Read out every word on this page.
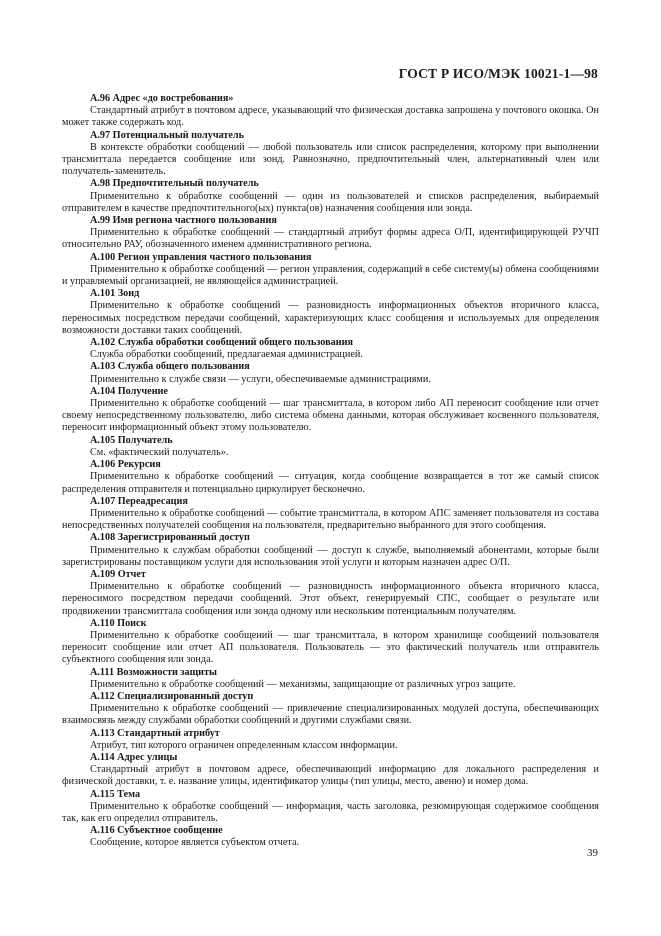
ГОСТ Р ИСО/МЭК 10021-1—98
А.96 Адрес «до востребования»

Стандартный атрибут в почтовом адресе, указывающий что физическая доставка запрошена у почтового окошка. Он может также содержать код.

А.97 Потенциальный получатель

В контексте обработки сообщений — любой пользователь или список распределения, которому при выполнении трансмиттала передается сообщение или зонд. Равнозначно, предпочтительный член, альтернативный член или получатель-заменитель.

А.98 Предпочтительный получатель

Применительно к обработке сообщений — один из пользователей и списков распределения, выбираемый отправителем в качестве предпочтительного(ых) пункта(ов) назначения сообщения или зонда.

А.99 Имя региона частного пользования

Применительно к обработке сообщений — стандартный атрибут формы адреса О/П, идентифицирующей РУЧП относительно РАУ, обозначенного именем административного региона.

А.100 Регион управления частного пользования

Применительно к обработке сообщений — регион управления, содержащий в себе систему(ы) обмена сообщениями и управляемый организацией, не являющейся администрацией.

А.101 Зонд

Применительно к обработке сообщений — разновидность информационных объектов вторичного класса, переносимых посредством передачи сообщений, характеризующих класс сообщения и используемых для определения возможности доставки таких сообщений.

А.102 Служба обработки сообщений общего пользования

Служба обработки сообщений, предлагаемая администрацией.

А.103 Служба общего пользования

Применительно к службе связи — услуги, обеспечиваемые администрациями.

А.104 Получение

Применительно к обработке сообщений — шаг трансмиттала, в котором либо АП переносит сообщение или отчет своему непосредственному пользователю, либо система обмена данными, которая обслуживает косвенного пользователя, переносит информационный объект этому пользователю.

А.105 Получатель

См. «фактический получатель».

А.106 Рекурсия

Применительно к обработке сообщений — ситуация, когда сообщение возвращается в тот же самый список распределения отправителя и потенциально циркулирует бесконечно.

А.107 Переадресация

Применительно к обработке сообщений — событие трансмиттала, в котором АПС заменяет пользователя из состава непосредственных получателей сообщения на пользователя, предварительно выбранного для этого сообщения.

А.108 Зарегистрированный доступ

Применительно к службам обработки сообщений — доступ к службе, выполняемый абонентами, которые были зарегистрированы поставщиком услуги для использования этой услуги и которым назначен адрес О/П.

А.109 Отчет

Применительно к обработке сообщений — разновидность информационного объекта вторичного класса, переносимого посредством передачи сообщений. Этот объект, генерируемый СПС, сообщает о результате или продвижении трансмиттала сообщения или зонда одному или нескольким потенциальным получателям.

А.110 Поиск

Применительно к обработке сообщений — шаг трансмиттала, в котором хранилище сообщений пользователя переносит сообщение или отчет АП пользователя. Пользователь — это фактический получатель или отправитель субъектного сообщения или зонда.

А.111 Возможности защиты

Применительно к обработке сообщений — механизмы, защищающие от различных угроз защите.

А.112 Специализированный доступ

Применительно к обработке сообщений — привлечение специализированных модулей доступа, обеспечивающих взаимосвязь между службами обработки сообщений и другими службами связи.

А.113 Стандартный атрибут

Атрибут, тип которого ограничен определенным классом информации.

А.114 Адрес улицы

Стандартный атрибут в почтовом адресе, обеспечивающий информацию для локального распределения и физической доставки, т. е. название улицы, идентификатор улицы (тип улицы, место, авеню) и номер дома.

А.115 Тема

Применительно к обработке сообщений — информация, часть заголовка, резюмирующая содержимое сообщения так, как его определил отправитель.

А.116 Субъектное сообщение

Сообщение, которое является субъектом отчета.

39
